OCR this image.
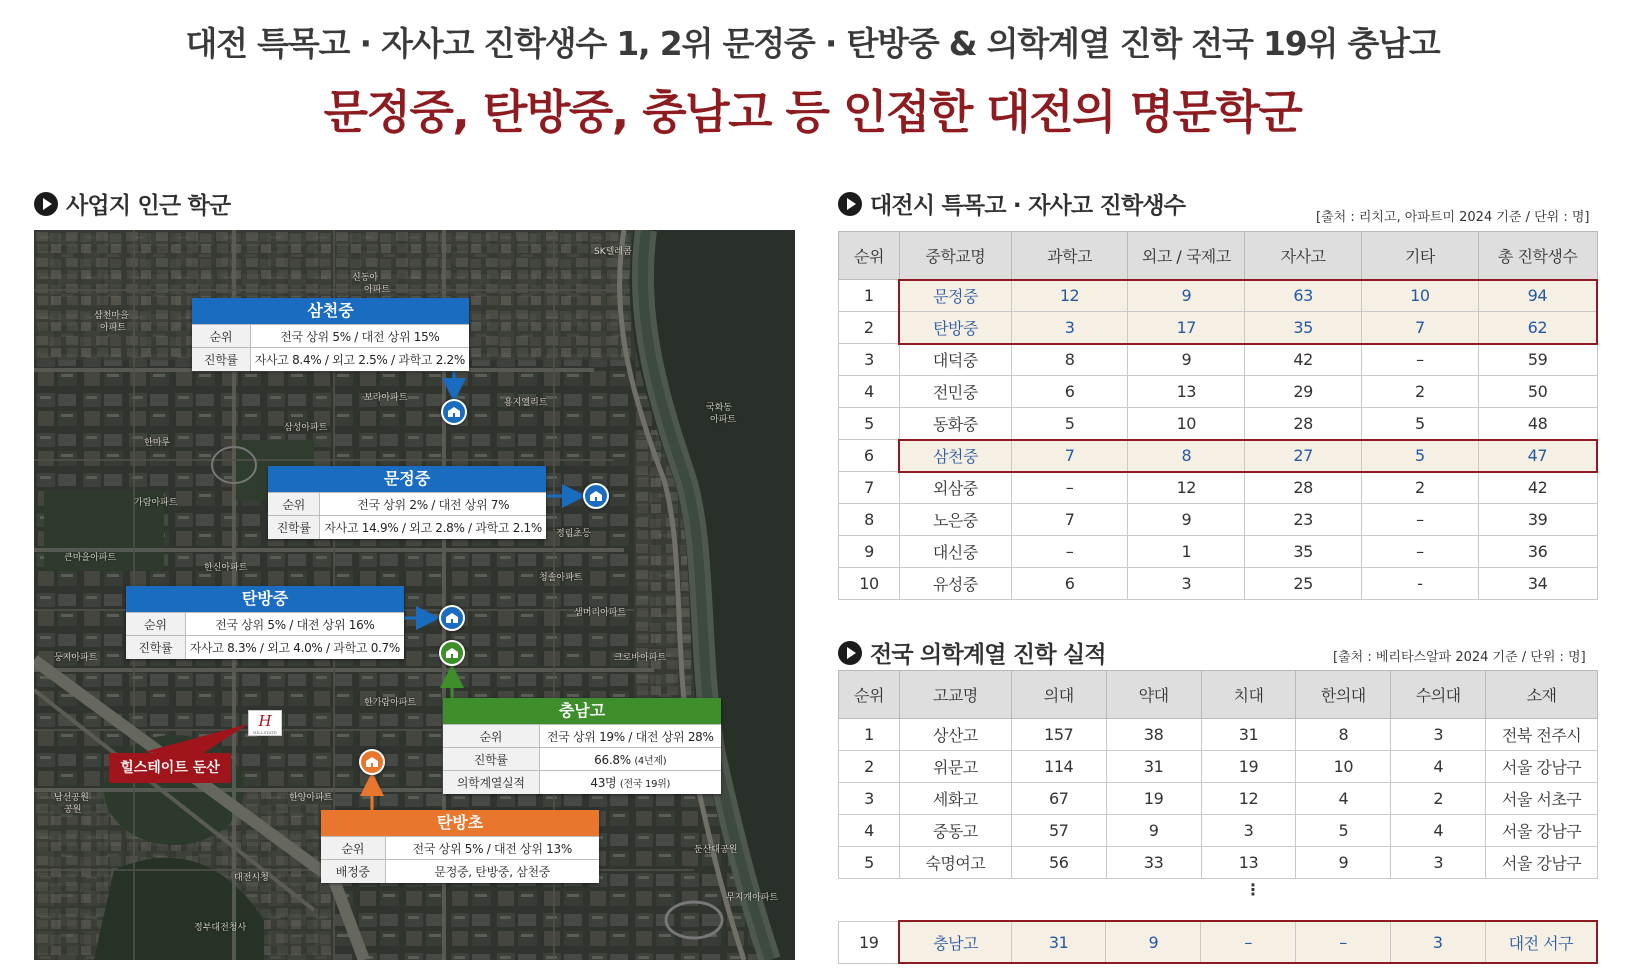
대전 특목고 · 자사고 진학생수 1, 2위 문정중 · 탄방중 & 의학계열 진학 전국 19위 충남고
문정중, 탄방중, 충남고 등 인접한 대전의 명문학군
사업지 인근 학군
SK텔레콤
신동아
아파트
삼천마을
아파트
용지엘리트
보라아파트
한마루
삼성아파트
국화동
아파트
가람아파트
한신아파트
정림초등
큰마을아파트
청솔아파트
샘머리아파트
둥지아파트	크로바아파트
한가람아파트
한양아파트
남선공원
공원
대전시청
둔산대공원
정부대전청사
무지개아파트
H
HILLSTATE
힐스테이트 둔산
삼천중
순위	전국 상위 5% / 대전 상위 15%
진학률	자사고 8.4% / 외고 2.5% / 과학고 2.2%
문정중
순위	전국 상위 2% / 대전 상위 7%
진학률	자사고 14.9% / 외고 2.8% / 과학고 2.1%
탄방중
순위	전국 상위 5% / 대전 상위 16%
진학률	자사고 8.3% / 외고 4.0% / 과학고 0.7%
충남고
순위	전국 상위 19% / 대전 상위 28%
진학률	66.8% (4년제)
의학계열실적	43명 (전국 19위)
탄방초
순위	전국 상위 5% / 대전 상위 13%
배정중	문정중, 탄방중, 삼천중
대전시 특목고 · 자사고 진학생수	[출처 : 리치고, 아파트미 2024 기준 / 단위 : 명]
순위	중학교명	과학고	외고 / 국제고	자사고	기타	총 진학생수
1	문정중	12	9	63	10	94
2	탄방중	3	17	35	7	62
3	대덕중	8	9	42	–	59
4	전민중	6	13	29	2	50
5	동화중	5	10	28	5	48
6	삼천중	7	8	27	5	47
7	외삼중	–	12	28	2	42
8	노은중	7	9	23	–	39
9	대신중	–	1	35	–	36
10	유성중	6	3	25	-	34
전국 의학계열 진학 실적	[출처 : 베리타스알파 2024 기준 / 단위 : 명]
순위	고교명	의대	약대	치대	한의대	수의대	소재
1	상산고	157	38	31	8	3	전북 전주시
2	위문고	114	31	19	10	4	서울 강남구
3	세화고	67	19	12	4	2	서울 서초구
4	중동고	57	9	3	5	4	서울 강남구
5	숙명여고	56	33	13	9	3	서울 강남구
⋮
19	충남고	31	9	–	–	3	대전 서구
